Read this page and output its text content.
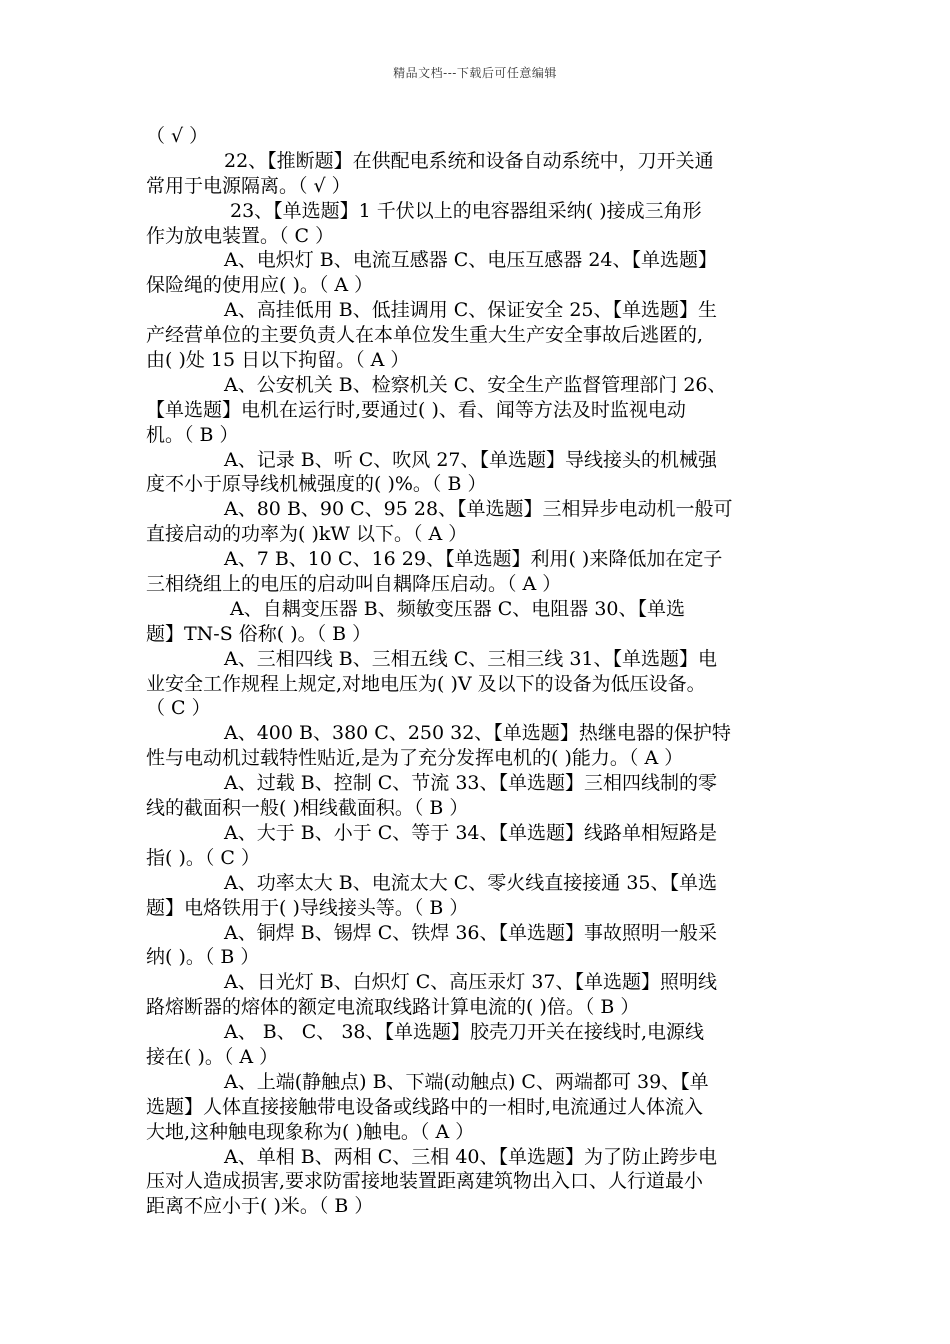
精品文档---下载后可任意编辑
（ √ ）
22、【推断题】在供配电系统和设备自动系统中，刀开关通
常用于电源隔离。（ √ ）
23、【单选题】1 千伏以上的电容器组采纳( )接成三角形
作为放电装置。（ C ）
A、电炽灯 B、电流互感器 C、电压互感器 24、【单选题】
保险绳的使用应( )。（ A ）
A、高挂低用 B、低挂调用 C、保证安全 25、【单选题】生
产经营单位的主要负责人在本单位发生重大生产安全事故后逃匿的,
由( )处 15 日以下拘留。（ A ）
A、公安机关 B、检察机关 C、安全生产监督管理部门 26、
【单选题】电机在运行时,要通过( )、看、闻等方法及时监视电动
机。（ B ）
A、记录 B、听 C、吹风 27、【单选题】导线接头的机械强
度不小于原导线机械强度的( )%。（ B ）
A、80 B、90 C、95 28、【单选题】三相异步电动机一般可
直接启动的功率为( )kW 以下。（ A ）
A、7 B、10 C、16 29、【单选题】利用( )来降低加在定子
三相绕组上的电压的启动叫自耦降压启动。（ A ）
A、自耦变压器 B、频敏变压器 C、电阻器 30、【单选
题】TN-S 俗称( )。（ B ）
A、三相四线 B、三相五线 C、三相三线 31、【单选题】电
业安全工作规程上规定,对地电压为( )V 及以下的设备为低压设备。
（ C ）
A、400 B、380 C、250 32、【单选题】热继电器的保护特
性与电动机过载特性贴近,是为了充分发挥电机的( )能力。（ A ）
A、过载 B、控制 C、节流 33、【单选题】三相四线制的零
线的截面积一般( )相线截面积。（ B ）
A、大于 B、小于 C、等于 34、【单选题】线路单相短路是
指( )。（ C ）
A、功率太大 B、电流太大 C、零火线直接接通 35、【单选
题】电烙铁用于( )导线接头等。（ B ）
A、铜焊 B、锡焊 C、铁焊 36、【单选题】事故照明一般采
纳( )。（ B ）
A、日光灯 B、白炽灯 C、高压汞灯 37、【单选题】照明线
路熔断器的熔体的额定电流取线路计算电流的( )倍。（ B ）
A、 B、 C、 38、【单选题】胶壳刀开关在接线时,电源线
接在( )。（ A ）
A、上端(静触点) B、下端(动触点) C、两端都可 39、【单
选题】人体直接接触带电设备或线路中的一相时,电流通过人体流入
大地,这种触电现象称为( )触电。（ A ）
A、单相 B、两相 C、三相 40、【单选题】为了防止跨步电
压对人造成损害,要求防雷接地装置距离建筑物出入口、人行道最小
距离不应小于( )米。（ B ）
